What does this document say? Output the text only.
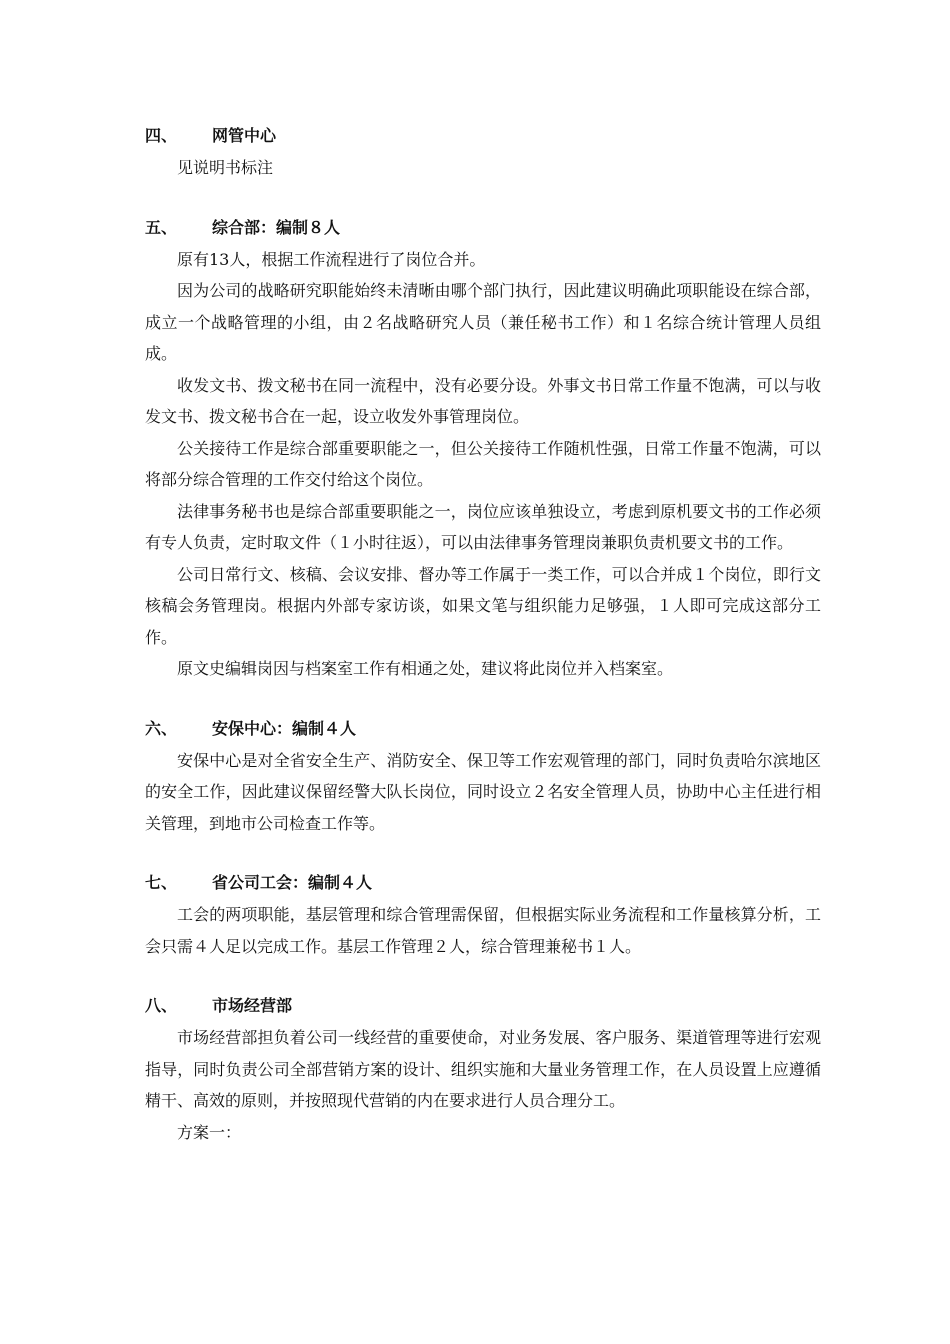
四、	网管中心

见说明书标注

五、	综合部：编制８人

原有13人，根据工作流程进行了岗位合并。

因为公司的战略研究职能始终未清晰由哪个部门执行，因此建议明确此项职能设在综合部，成立一个战略管理的小组，由２名战略研究人员（兼任秘书工作）和１名综合统计管理人员组成。

收发文书、拨文秘书在同一流程中，没有必要分设。外事文书日常工作量不饱满，可以与收发文书、拨文秘书合在一起，设立收发外事管理岗位。

公关接待工作是综合部重要职能之一，但公关接待工作随机性强，日常工作量不饱满，可以将部分综合管理的工作交付给这个岗位。

法律事务秘书也是综合部重要职能之一，岗位应该单独设立，考虑到原机要文书的工作必须有专人负责，定时取文件（１小时往返），可以由法律事务管理岗兼职负责机要文书的工作。

公司日常行文、核稿、会议安排、督办等工作属于一类工作，可以合并成１个岗位，即行文核稿会务管理岗。根据内外部专家访谈，如果文笔与组织能力足够强，１人即可完成这部分工作。

原文史编辑岗因与档案室工作有相通之处，建议将此岗位并入档案室。

六、	安保中心：编制４人

安保中心是对全省安全生产、消防安全、保卫等工作宏观管理的部门，同时负责哈尔滨地区的安全工作，因此建议保留经警大队长岗位，同时设立２名安全管理人员，协助中心主任进行相关管理，到地市公司检查工作等。

七、	省公司工会：编制４人

工会的两项职能，基层管理和综合管理需保留，但根据实际业务流程和工作量核算分析，工会只需４人足以完成工作。基层工作管理２人，综合管理兼秘书１人。

八、	市场经营部

市场经营部担负着公司一线经营的重要使命，对业务发展、客户服务、渠道管理等进行宏观指导，同时负责公司全部营销方案的设计、组织实施和大量业务管理工作，在人员设置上应遵循精干、高效的原则，并按照现代营销的内在要求进行人员合理分工。

方案一：
